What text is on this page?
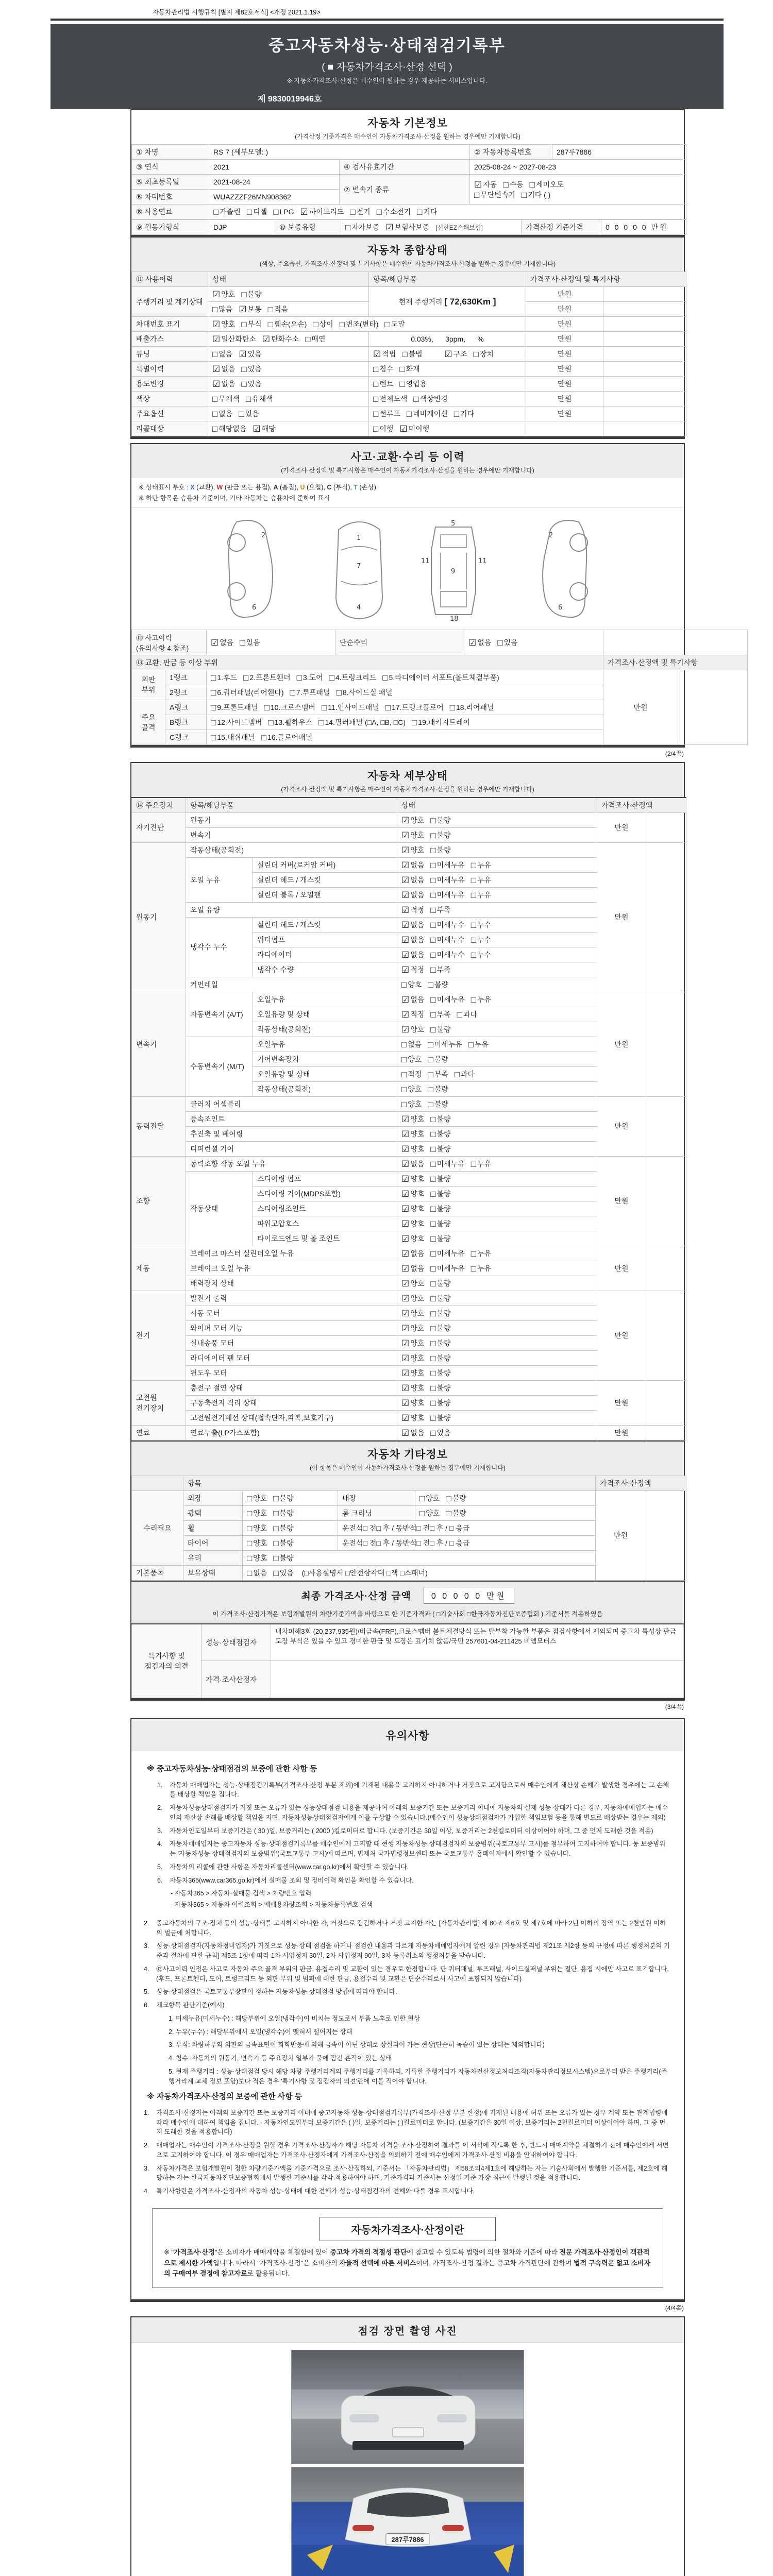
자동차관리법 시행규칙 [별지 제82호서식] <개정 2021.1.19>
중고자동차성능·상태점검기록부
( ■ 자동차가격조사·산정 선택 )
※ 자동차가격조사·산정은 매수인이 원하는 경우 제공하는 서비스입니다.
제 9830019946호
자동차 기본정보
(가격산정 기준가격은 매수인이 자동차가격조사·산정을 원하는 경우에만 기재합니다)
① 차명	RS 7 (세부모델: )		② 자동차등록번호	287루7886
③ 연식	2021	④ 검사유효기간	2025-08-24 ~ 2027-08-23	
⑤ 최초등록일	2021-08-24	⑦ 변속기 종류	☑ 자동 □ 수동 □ 세미오토
□ 무단변속기 □ 기타 ( )	
⑥ 차대번호	WUAZZZF26MN908362			
⑧ 사용연료	□ 가솔린 □ 디젤 □ LPG ☑ 하이브리드 □ 전기 □ 수소전기 □ 기타			
⑨ 원동기형식	DJP	⑩ 보증유형	□ 자가보증 ☑ 보험사보증 [신한EZ손해보험]	가격산정 기준가격	0 0 0 0 0 만원
자동차 종합상태
(색상, 주요옵션, 가격조사·산정액 및 특기사항은 매수인이 자동차가격조사·산정을 원하는 경우에만 기재합니다)
⑪ 사용이력	상태	항목/해당부품	가격조사·산정액 및 특기사항	
주행거리 및 계기상태	☑ 양호 □ 불량	현재 주행거리 [ 72,630Km ]	만원	
	□ 많음 ☑ 보통 □ 적음		만원	
차대번호 표기	☑ 양호 □ 부식 □ 훼손(오손) □ 상이 □ 변조(변타) □ 도말		만원	
배출가스	☑ 일산화탄소 ☑ 탄화수소 □ 매연	0.03%,      3ppm,      %	만원	
튜닝	□ 없음 ☑ 있음	☑ 적법 □ 불법 ☑ 구조 □ 장치	만원	
특별이력	☑ 없음 □ 있음	□ 침수 □ 화재	만원	
용도변경	☑ 없음 □ 있음	□ 렌트 □ 영업용	만원	
색상	□ 무채색 □ 유채색	□ 전체도색 □ 색상변경	만원	
주요옵션	□ 없음 □ 있음	□ 썬루프 □ 네비게이션 □ 기타	만원	
리콜대상	□ 해당없음 ☑ 해당	□ 이행 ☑ 미이행		
사고·교환·수리 등 이력
(가격조사·산정액 및 특기사항은 매수인이 자동차가격조사·산정을 원하는 경우에만 기재합니다)
※ 상태표시 부호 : X (교환), W (판금 또는 용접), A (흠집), U (요철), C (부식), T (손상)
※ 하단 항목은 승용차 기준이며, 기타 자동차는 승용차에 준하여 표시
2
6
1
7
4
5
11	11
9
18
2
6
⑫ 사고이력 (유의사항 4.참조)		☑ 없음 □ 있음	단순수리	☑ 없음 □ 있음		
⑬ 교환, 판금 등 이상 부위					가격조사·산정액 및 특기사항	
외판 부위	1랭크	□ 1.후드 □ 2.프론트휀더 □ 3.도어 □ 4.트렁크리드 □ 5.라디에이터 서포트(볼트체결부품)			만원	
	2랭크	□ 6.쿼터패널(리어휀다) □ 7.루프패널 □ 8.사이드실 패널				
주요 골격	A랭크	□ 9.프론트패널 □ 10.크로스멤버 □ 11.인사이드패널 □ 17.트렁크플로어 □ 18.리어패널				
	B랭크	□ 12.사이드멤버 □ 13.휠하우스 □ 14.필러패널 (□A, □B, □C) □ 19.패키지트레이				
	C랭크	□ 15.대쉬패널 □ 16.플로어패널				
(2/4쪽)
자동차 세부상태
(가격조사·산정액 및 특기사항은 매수인이 자동차가격조사·산정을 원하는 경우에만 기재합니다)
⑭ 주요장치	항목/해당부품		상태	가격조사·산정액	
자기진단	원동기		☑ 양호 □ 불량	만원	
	변속기		☑ 양호 □ 불량		
원동기	작동상태(공회전)		☑ 양호 □ 불량	만원	
	오일 누유	실린더 커버(로커암 커버)	☑ 없음 □ 미세누유 □ 누유		
		실린더 헤드 / 개스킷	☑ 없음 □ 미세누유 □ 누유		
		실린더 블록 / 오일팬	☑ 없음 □ 미세누유 □ 누유		
	오일 유량		☑ 적정 □ 부족		
	냉각수 누수	실린더 헤드 / 개스킷	☑ 없음 □ 미세누수 □ 누수		
		워터펌프	☑ 없음 □ 미세누수 □ 누수		
		라디에이터	☑ 없음 □ 미세누수 □ 누수		
		냉각수 수량	☑ 적정 □ 부족		
	커먼레일		□ 양호 □ 불량		
변속기	자동변속기 (A/T)	오일누유	☑ 없음 □ 미세누유 □ 누유	만원	
		오일유량 및 상태	☑ 적정 □ 부족 □ 과다		
		작동상태(공회전)	☑ 양호 □ 불량		
	수동변속기 (M/T)	오일누유	□ 없음 □ 미세누유 □ 누유		
		기어변속장치	□ 양호 □ 불량		
		오일유량 및 상태	□ 적정 □ 부족 □ 과다		
		작동상태(공회전)	□ 양호 □ 불량		
동력전달	클러치 어셈블리		□ 양호 □ 불량	만원	
	등속조인트		☑ 양호 □ 불량		
	추진축 및 베어링		☑ 양호 □ 불량		
	디퍼런셜 기어		☑ 양호 □ 불량		
조향	동력조향 작동 오일 누유		☑ 없음 □ 미세누유 □ 누유	만원	
	작동상태	스티어링 펌프	☑ 양호 □ 불량		
		스티어링 기어(MDPS포함)	☑ 양호 □ 불량		
		스티어링조인트	☑ 양호 □ 불량		
		파워고압호스	☑ 양호 □ 불량		
		타이로드엔드 및 볼 조인트	☑ 양호 □ 불량		
제동	브레이크 마스터 실린더오일 누유		☑ 없음 □ 미세누유 □ 누유	만원	
	브레이크 오일 누유		☑ 없음 □ 미세누유 □ 누유		
	배력장치 상태		☑ 양호 □ 불량		
전기	발전기 출력		☑ 양호 □ 불량	만원	
	시동 모터		☑ 양호 □ 불량		
	와이퍼 모터 기능		☑ 양호 □ 불량		
	실내송풍 모터		☑ 양호 □ 불량		
	라디에이터 팬 모터		☑ 양호 □ 불량		
	윈도우 모터		☑ 양호 □ 불량		
고전원 전기장치	충전구 절연 상태		☑ 양호 □ 불량	만원	
	구동축전지 격리 상태		☑ 양호 □ 불량		
	고전원전기배선 상태(접속단자,피복,보호기구)		☑ 양호 □ 불량		
연료	연료누출(LP가스포함)		☑ 없음 □ 있음	만원	
자동차 기타정보
(이 항목은 매수인이 자동차가격조사·산정을 원하는 경우에만 기재합니다)
	항목				가격조사·산정액	
수리필요	외장	□ 양호 □ 불량	내장	□ 양호 □ 불량	만원	
	광택	□ 양호 □ 불량	룸 크리닝	□ 양호 □ 불량		
	휠	□ 양호 □ 불량	운전석□ 전□ 후 / 동반석□ 전□ 후 / □ 응급			
	타이어	□ 양호 □ 불량	운전석□ 전□ 후 / 동반석□ 전□ 후 / □ 응급			
	유리	□ 양호 □ 불량				
기본품목	보유상태	□ 없음 □ 있음 (□사용설명서 □안전삼각대 □잭 □스패너)				
최종 가격조사·산정 금액	0 0 0 0 0 만원
이 가격조사·산정가격은 보험개발원의 차량기준가액을 바탕으로 한 기준가격과 ( □기술사회 □한국자동차진단보증협회 ) 기준서를 적용하였음
특기사항 및 점검자의 의견	성능·상태점검자	내차피해3회 (20,237,935원)/비금속(FRP),크로스멤버 볼트체결방식 또는 탈부착 가능한 부품은 점검사항에서 제외되며 중고차 특성상 판금 도장 부식은 있을 수 있고 경미한 판금 및 도장은 표기치 않음/국민 257601-04-211425 비엠모터스
	가격·조사산정자	
(3/4쪽)
유의사항
※ 중고자동차성능·상태점검의 보증에 관한 사항 등
1.	자동차 매매업자는 성능·상태점검기록부(가격조사·산정 부분 제외)에 기재된 내용을 고지하지 아니하거나 거짓으로 고지함으로써 매수인에게 재산상 손해가 발생한 경우에는 그 손해를 배상할 책임을 집니다.
2.	자동차성능상태점검자가 거짓 또는 오류가 있는 성능상태점검 내용을 제공하여 아래의 보증기간 또는 보증거리 이내에 자동차의 실제 성능·상태가 다른 경우, 자동차매매업자는 매수인의 재산상 손해를 배상할 책임을 지며, 자동차성능상태점검자에게 이를 구상할 수 있습니다.(매수인이 성능상태점검자가 가입한 책임보험 등을 통해 별도로 배상받는 경우는 제외)
3.	자동차인도일부터 보증기간은 ( 30 )일, 보증거리는 ( 2000 )킬로미터로 합니다. (보증기간은 30일 이상, 보증거리는 2천킬로미터 이상이어야 하며, 그 중 먼저 도래한 것을 적용)
4.	자동차매매업자는 중고자동차 성능·상태점검기록부를 매수인에게 고지할 때 현행 자동차성능·상태점검자의 보증범위(국토교통부 고시)를 첨부하여 고지하여야 합니다. 동 보증범위는 '자동차성능·상태점검자의 보증범위'(국토교통부 고시)에 따르며, 법제처 국가법령정보센터 또는 국토교통부 홈페이지에서 확인할 수 있습니다.
5.	자동차의 리콜에 관한 사항은 자동차리콜센터(www.car.go.kr)에서 확인할 수 있습니다.
6.	자동차365(www.car365.go.kr)에서 실매물 조회 및 정비이력 확인을 확인할 수 있습니다.
- 자동차365 > 자동차·실매물 검색 > 차량번호 입력
- 자동차365 > 자동차 이력조회 > 매매용차량조회 > 자동차등록번호 검색
2.	중고자동차의 구조·장치 등의 성능·상태를 고지하지 아니한 자, 거짓으로 점검하거나 거짓 고지한 자는 [자동차관리법] 제 80조 제6호 및 제7호에 따라 2년 이하의 징역 또는 2천만원 이하의 벌금에 처합니다.
3.	성능·상태점검자(자동차정비업자)가 거짓으로 성능·상태 점검을 하거나 점검한 내용과 다르게 자동차매매업자에게 알린 경우 [자동차관리법 제21조 제2항 등의 규정에 따른 행정처분의 기준과 절차에 관한 규칙] 제5조 1항에 따라 1차 사업정지 30일, 2차 사업정지 90일, 3차 등록취소의 행정처분을 받습니다.
4.	⑫사고이력 인정은 사고로 자동차 주요 골격 부위의 판금, 용접수리 및 교환이 있는 경우로 한정합니다. 단 쿼터패널, 루프패널, 사이드실패널 부위는 절단, 용접 시에만 사고로 표기합니다. (후드, 프론트펜더, 도어, 트렁크리드 등 외판 부위 및 범퍼에 대한 판금, 용접수리 및 교환은 단순수리로서 사고에 포함되지 않습니다)
5.	성능·상태점검은 국토교통부장관이 정하는 자동차성능·상태점검 방법에 따라야 합니다.
6.	체크항목 판단기준(예시)
1. 미세누유(미세누수) : 해당부위에 오일(냉각수)이 비치는 정도로서 부품 노후로 인한 현상
2. 누유(누수) : 해당부위에서 오일(냉각수)이 맺혀서 떨어지는 상태
3. 부식: 차량하부와 외판의 금속표면이 화학반응에 의해 금속이 아닌 상태로 상실되어 가는 현상(단순히 녹슬어 있는 상태는 제외합니다)
4. 침수: 자동차의 원동기, 변속기 등 주요장치 일부가 물에 잠긴 흔적이 있는 상태
5. 현재 주행거리 : 성능·상태점검 당시 해당 차량 주행거리계의 주행거리를 기록하되, 기록한 주행거리가 자동차전산정보처리조직(자동차관리정보시스템)으로부터 받은 주행거리(주행거리계 교체 정보 포함)보다 적은 경우 '특기사항 및 점검자의 의견'란에 이를 적어야 합니다.
※ 자동차가격조사·산정의 보증에 관한 사항 등
1.	가격조사·산정자는 아래의 보증기간 또는 보증거리 이내에 중고자동차 성능·상태점검기록부(가격조사·산정 부분 한정)에 기재된 내용에 허위 또는 오류가 있는 경우 계약 또는 관계법령에 따라 매수인에 대하여 책임을 집니다. · 자동차인도일부터 보증기간은 ( )일, 보증거리는 ( )킬로미터로 합니다. (보증기간은 30일 이상, 보증거리는 2천킬로미터 이상이어야 하며, 그 중 먼저 도래한 것을 적용합니다)
2.	매매업자는 매수인이 가격조사·산정을 원할 경우 가격조사·산정자가 해당 자동차 가격을 조사·산정하여 결과를 이 서식에 적도록 한 후, 반드시 매매계약을 체결하기 전에 매수인에게 서면으로 고지하여야 합니다. 이 경우 매매업자는 가격조사·산정자에게 가격조사·산정을 의뢰하기 전에 매수인에게 가격조사·산정 비용을 안내하여야 합니다.
3.	자동차가격은 보험개발원이 정한 차량기준가액을 기준가격으로 조사·산정하되, 기준서는 「자동차관리법」 제58조의4제1호에 해당하는 자는 기술사회에서 발행한 기준서를, 제2호에 해당하는 자는 한국자동차진단보증협회에서 발행한 기준서를 각각 적용하여야 하며, 기준가격과 기준서는 산정일 기준 가장 최근에 발행된 것을 적용합니다.
4.	특기사항란은 가격조사·산정자의 자동차 성능·상태에 대한 견해가 성능·상태점검자의 견해와 다를 경우 표시합니다.
자동차가격조사·산정이란
※ "가격조사·산정"은 소비자가 매매계약을 체결함에 있어 중고차 가격의 적절성 판단에 참고할 수 있도록 법령에 의한 절차와 기준에 따라 전문 가격조사·산정인이 객관적으로 제시한 가액입니다. 따라서 "가격조사·산정"은 소비자의 자율적 선택에 따른 서비스이며, 가격조사·산정 결과는 중고차 가격판단에 관하여 법적 구속력은 없고 소비자의 구매여부 결정에 참고자료로 활용됩니다.
(4/4쪽)
점검 장면 촬영 사진
287루7886
